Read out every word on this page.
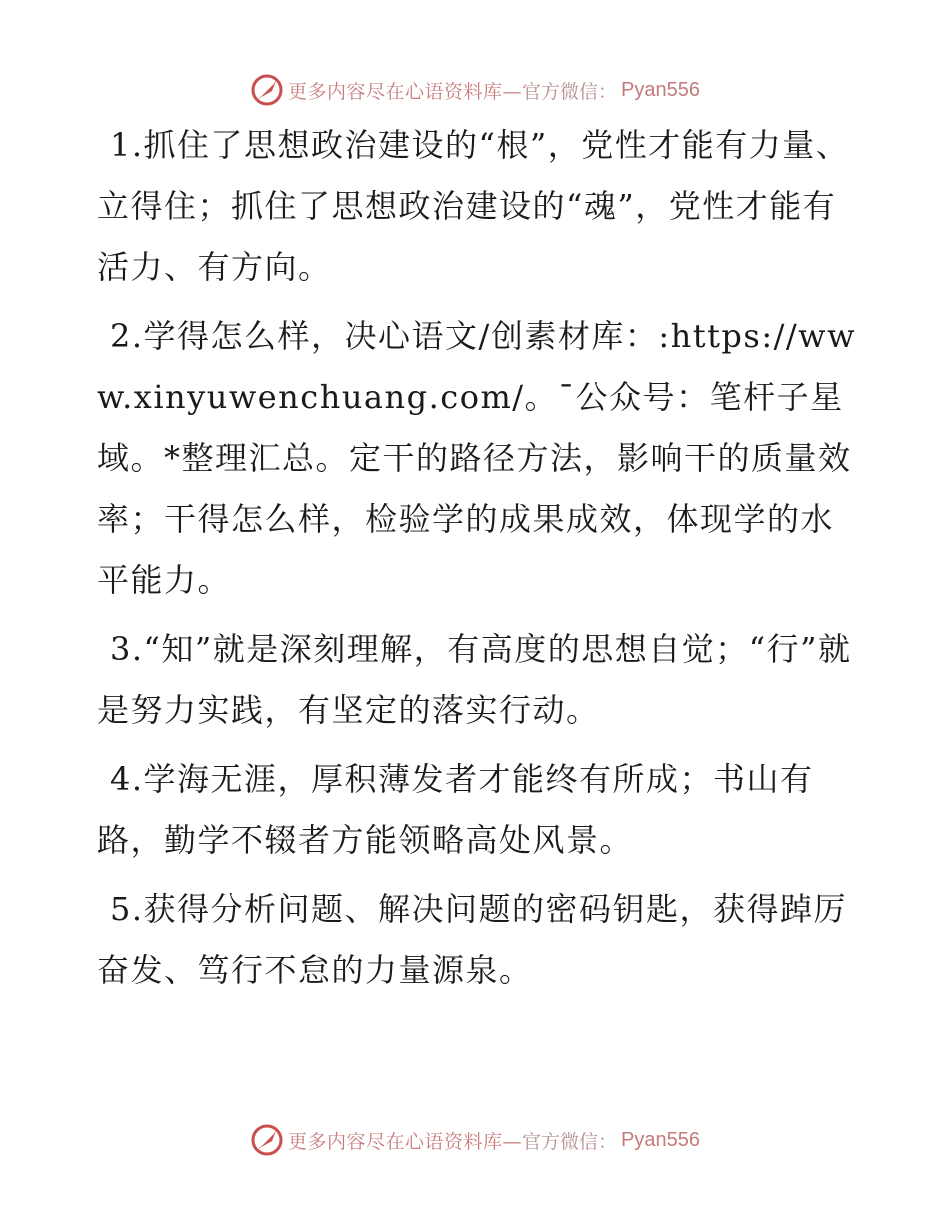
更多内容尽在心语资料库— 官方微信： Pyan556

1.抓住了思想政治建设的“根”，党性才能有力量、立得住；抓住了思想政治建设的“魂”，党性才能有活力、有方向。

2.学得怎么样，决心语文/创素材库：:https://www.xinyuwenchuang.com/。¯公众号：笔杆子星域。*整理汇总。定干的路径方法，影响干的质量效率；干得怎么样，检验学的成果成效，体现学的水平能力。

3.“知”就是深刻理解，有高度的思想自觉；“行”就是努力实践，有坚定的落实行动。

4.学海无涯，厚积薄发者才能终有所成；书山有路，勤学不辍者方能领略高处风景。

5.获得分析问题、解决问题的密码钥匙，获得踔厉奋发、笃行不怠的力量源泉。

更多内容尽在心语资料库— 官方微信： Pyan556
